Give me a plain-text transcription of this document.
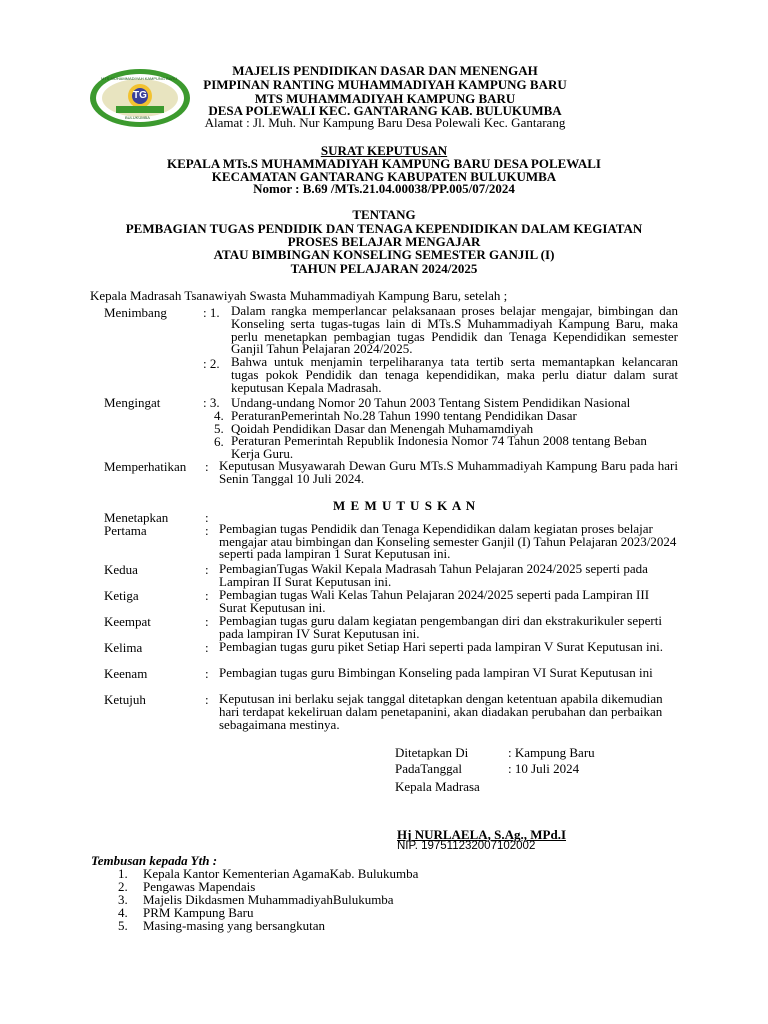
MTS MUHAMMADIYAH KAMPUNG BARU
TG
BULUKUMBA
MAJELIS PENDIDIKAN DASAR DAN MENENGAH
PIMPINAN RANTING MUHAMMADIYAH KAMPUNG BARU
MTS MUHAMMADIYAH KAMPUNG BARU
DESA POLEWALI KEC. GANTARANG KAB. BULUKUMBA
Alamat : Jl. Muh. Nur Kampung Baru Desa Polewali Kec. Gantarang
SURAT KEPUTUSAN
KEPALA MTs.S MUHAMMADIYAH KAMPUNG BARU DESA POLEWALI
KECAMATAN GANTARANG KABUPATEN BULUKUMBA
Nomor : B.69 /MTs.21.04.00038/PP.005/07/2024
TENTANG
PEMBAGIAN TUGAS PENDIDIK DAN TENAGA KEPENDIDIKAN DALAM KEGIATAN
PROSES BELAJAR MENGAJAR
ATAU BIMBINGAN KONSELING SEMESTER GANJIL (I)
TAHUN PELAJARAN 2024/2025
Kepala Madrasah Tsanawiyah Swasta Muhammadiyah Kampung Baru, setelah ;
Menimbang	: 1. Dalam rangka memperlancar pelaksanaan proses belajar mengajar, bimbingan dan Konseling serta tugas-tugas lain di MTs.S Muhammadiyah Kampung Baru, maka perlu menetapkan pembagian tugas Pendidik dan Tenaga Kependidikan semester Ganjil Tahun Pelajaran 2024/2025.
: 2. Bahwa untuk menjamin terpeliharanya tata tertib serta memantapkan kelancaran tugas pokok Pendidik dan tenaga kependidikan, maka perlu diatur dalam surat keputusan Kepala Madrasah.
Mengingat	: 3. Undang-undang Nomor 20 Tahun 2003 Tentang Sistem Pendidikan Nasional
4. PeraturanPemerintah No.28 Tahun 1990 tentang Pendidikan Dasar
5. Qoidah Pendidikan Dasar dan Menengah Muhamamdiyah
6. Peraturan Pemerintah Republik Indonesia Nomor 74 Tahun 2008 tentang Beban Kerja Guru.
Memperhatikan : Keputusan Musyawarah Dewan Guru MTs.S Muhammadiyah Kampung Baru pada hari Senin Tanggal 10 Juli 2024.
M E M U T U S K A N
Menetapkan	:
Pertama	: Pembagian tugas Pendidik dan Tenaga Kependidikan dalam kegiatan proses belajar mengajar atau bimbingan dan Konseling semester Ganjil (I) Tahun Pelajaran 2023/2024 seperti pada lampiran 1 Surat Keputusan ini.
Kedua	: PembagianTugas Wakil Kepala Madrasah Tahun Pelajaran 2024/2025 seperti pada Lampiran II Surat Keputusan ini.
Ketiga	: Pembagian tugas Wali Kelas Tahun Pelajaran 2024/2025 seperti pada Lampiran III Surat Keputusan ini.
Keempat	: Pembagian tugas guru dalam kegiatan pengembangan diri dan ekstrakurikuler seperti pada lampiran IV Surat Keputusan ini.
Kelima	: Pembagian tugas guru piket Setiap Hari seperti pada lampiran V Surat Keputusan ini.
Keenam	: Pembagian tugas guru Bimbingan Konseling pada lampiran VI Surat Keputusan ini
Ketujuh	: Keputusan ini berlaku sejak tanggal ditetapkan dengan ketentuan apabila dikemudian hari terdapat kekeliruan dalam penetapanini, akan diadakan perubahan dan perbaikan sebagaimana mestinya.
Ditetapkan Di	: Kampung Baru
PadaTanggal	: 10 Juli 2024
Kepala Madrasa
Hj NURLAELA, S.Ag., MPd.I
NIP. 197511232007102002
Tembusan kepada Yth :
1. Kepala Kantor Kementerian AgamaKab. Bulukumba
2. Pengawas Mapendais
3. Majelis Dikdasmen MuhammadiyahBulukumba
4. PRM Kampung Baru
5. Masing-masing yang bersangkutan
